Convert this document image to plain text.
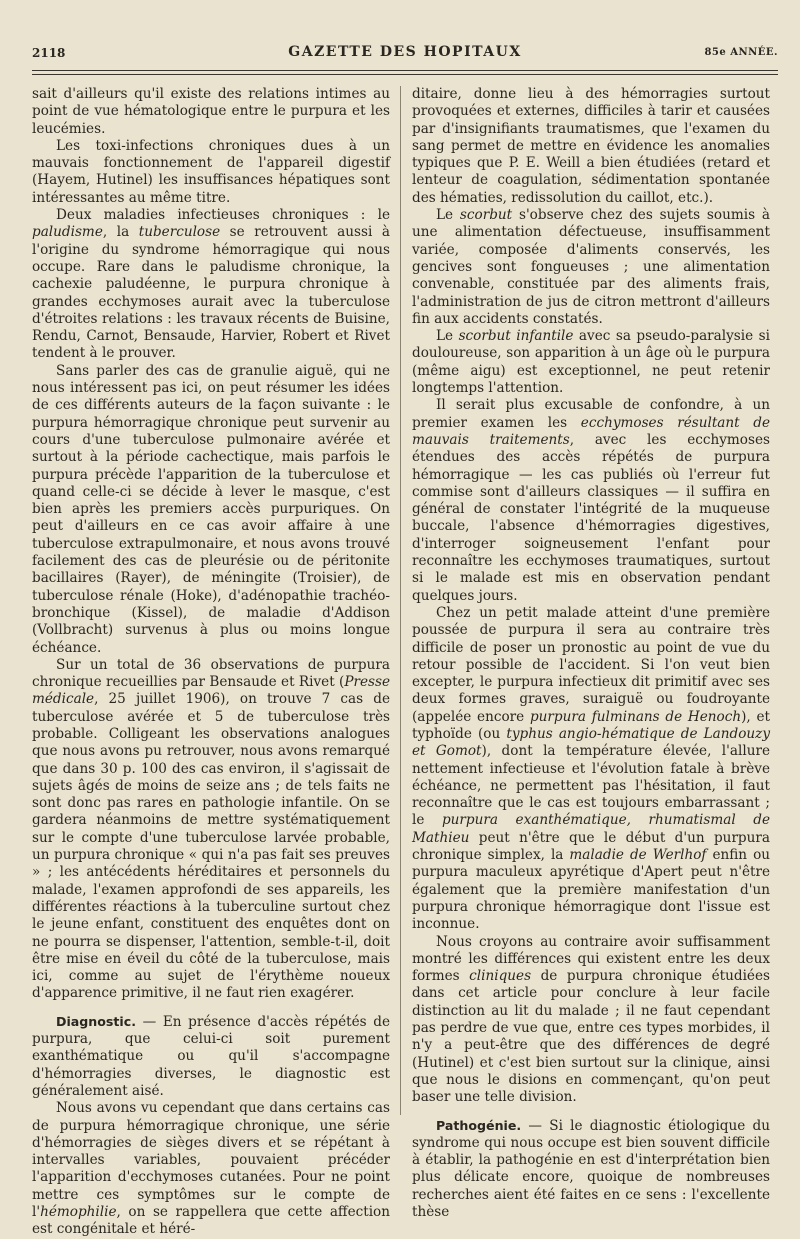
2118	GAZETTE DES HOPITAUX	85e ANNÉE.

sait d'ailleurs qu'il existe des relations intimes au point de vue hématologique entre le purpura et les leucémies.

Les toxi-infections chroniques dues à un mauvais fonctionnement de l'appareil digestif (Hayem, Hutinel) les insuffisances hépatiques sont intéressantes au même titre.

Deux maladies infectieuses chroniques : le paludisme, la tuberculose se retrouvent aussi à l'origine du syndrome hémorragique qui nous occupe. Rare dans le paludisme chronique, la cachexie paludéenne, le purpura chronique à grandes ecchymoses aurait avec la tuberculose d'étroites relations : les travaux récents de Buisine, Rendu, Carnot, Bensaude, Harvier, Robert et Rivet tendent à le prouver.

Sans parler des cas de granulie aiguë, qui ne nous intéressent pas ici, on peut résumer les idées de ces différents auteurs de la façon suivante : le purpura hémorragique chronique peut survenir au cours d'une tuberculose pulmonaire avérée et surtout à la période cachectique, mais parfois le purpura précède l'apparition de la tuberculose et quand celle-ci se décide à lever le masque, c'est bien après les premiers accès purpuriques. On peut d'ailleurs en ce cas avoir affaire à une tuberculose extrapulmonaire, et nous avons trouvé facilement des cas de pleurésie ou de péritonite bacillaires (Rayer), de méningite (Troisier), de tuberculose rénale (Hoke), d'adénopathie trachéo-bronchique (Kissel), de maladie d'Addison (Vollbracht) survenus à plus ou moins longue échéance.

Sur un total de 36 observations de purpura chronique recueillies par Bensaude et Rivet (Presse médicale, 25 juillet 1906), on trouve 7 cas de tuberculose avérée et 5 de tuberculose très probable. Colligeant les observations analogues que nous avons pu retrouver, nous avons remarqué que dans 30 p. 100 des cas environ, il s'agissait de sujets âgés de moins de seize ans ; de tels faits ne sont donc pas rares en pathologie infantile. On se gardera néanmoins de mettre systématiquement sur le compte d'une tuberculose larvée probable, un purpura chronique « qui n'a pas fait ses preuves » ; les antécédents héréditaires et personnels du malade, l'examen approfondi de ses appareils, les différentes réactions à la tuberculine surtout chez le jeune enfant, constituent des enquêtes dont on ne pourra se dispenser, l'attention, semble-t-il, doit être mise en éveil du côté de la tuberculose, mais ici, comme au sujet de l'érythème noueux d'apparence primitive, il ne faut rien exagérer.

Diagnostic. — En présence d'accès répétés de purpura, que celui-ci soit purement exanthématique ou qu'il s'accompagne d'hémorragies diverses, le diagnostic est généralement aisé.

Nous avons vu cependant que dans certains cas de purpura hémorragique chronique, une série d'hémorragies de sièges divers et se répétant à intervalles variables, pouvaient précéder l'apparition d'ecchymoses cutanées. Pour ne point mettre ces symptômes sur le compte de l'hémophilie, on se rappellera que cette affection est congénitale et héré-

ditaire, donne lieu à des hémorragies surtout provoquées et externes, difficiles à tarir et causées par d'insignifiants traumatismes, que l'examen du sang permet de mettre en évidence les anomalies typiques que P. E. Weill a bien étudiées (retard et lenteur de coagulation, sédimentation spontanée des hématies, redissolution du caillot, etc.).

Le scorbut s'observe chez des sujets soumis à une alimentation défectueuse, insuffisamment variée, composée d'aliments conservés, les gencives sont fongueuses ; une alimentation convenable, constituée par des aliments frais, l'administration de jus de citron mettront d'ailleurs fin aux accidents constatés.

Le scorbut infantile avec sa pseudo-paralysie si douloureuse, son apparition à un âge où le purpura (même aigu) est exceptionnel, ne peut retenir longtemps l'attention.

Il serait plus excusable de confondre, à un premier examen les ecchymoses résultant de mauvais traitements, avec les ecchymoses étendues des accès répétés de purpura hémorragique — les cas publiés où l'erreur fut commise sont d'ailleurs classiques — il suffira en général de constater l'intégrité de la muqueuse buccale, l'absence d'hémorragies digestives, d'interroger soigneusement l'enfant pour reconnaître les ecchymoses traumatiques, surtout si le malade est mis en observation pendant quelques jours.

Chez un petit malade atteint d'une première poussée de purpura il sera au contraire très difficile de poser un pronostic au point de vue du retour possible de l'accident. Si l'on veut bien excepter, le purpura infectieux dit primitif avec ses deux formes graves, suraiguë ou foudroyante (appelée encore purpura fulminans de Henoch), et typhoïde (ou typhus angio-hématique de Landouzy et Gomot), dont la température élevée, l'allure nettement infectieuse et l'évolution fatale à brève échéance, ne permettent pas l'hésitation, il faut reconnaître que le cas est toujours embarrassant ; le purpura exanthématique, rhumatismal de Mathieu peut n'être que le début d'un purpura chronique simplex, la maladie de Werlhof enfin ou purpura maculeux apyrétique d'Apert peut n'être également que la première manifestation d'un purpura chronique hémorragique dont l'issue est inconnue.

Nous croyons au contraire avoir suffisamment montré les différences qui existent entre les deux formes cliniques de purpura chronique étudiées dans cet article pour conclure à leur facile distinction au lit du malade ; il ne faut cependant pas perdre de vue que, entre ces types morbides, il n'y a peut-être que des différences de degré (Hutinel) et c'est bien surtout sur la clinique, ainsi que nous le disions en commençant, qu'on peut baser une telle division.

Pathogénie. — Si le diagnostic étiologique du syndrome qui nous occupe est bien souvent difficile à établir, la pathogénie en est d'interprétation bien plus délicate encore, quoique de nombreuses recherches aient été faites en ce sens : l'excellente thèse
